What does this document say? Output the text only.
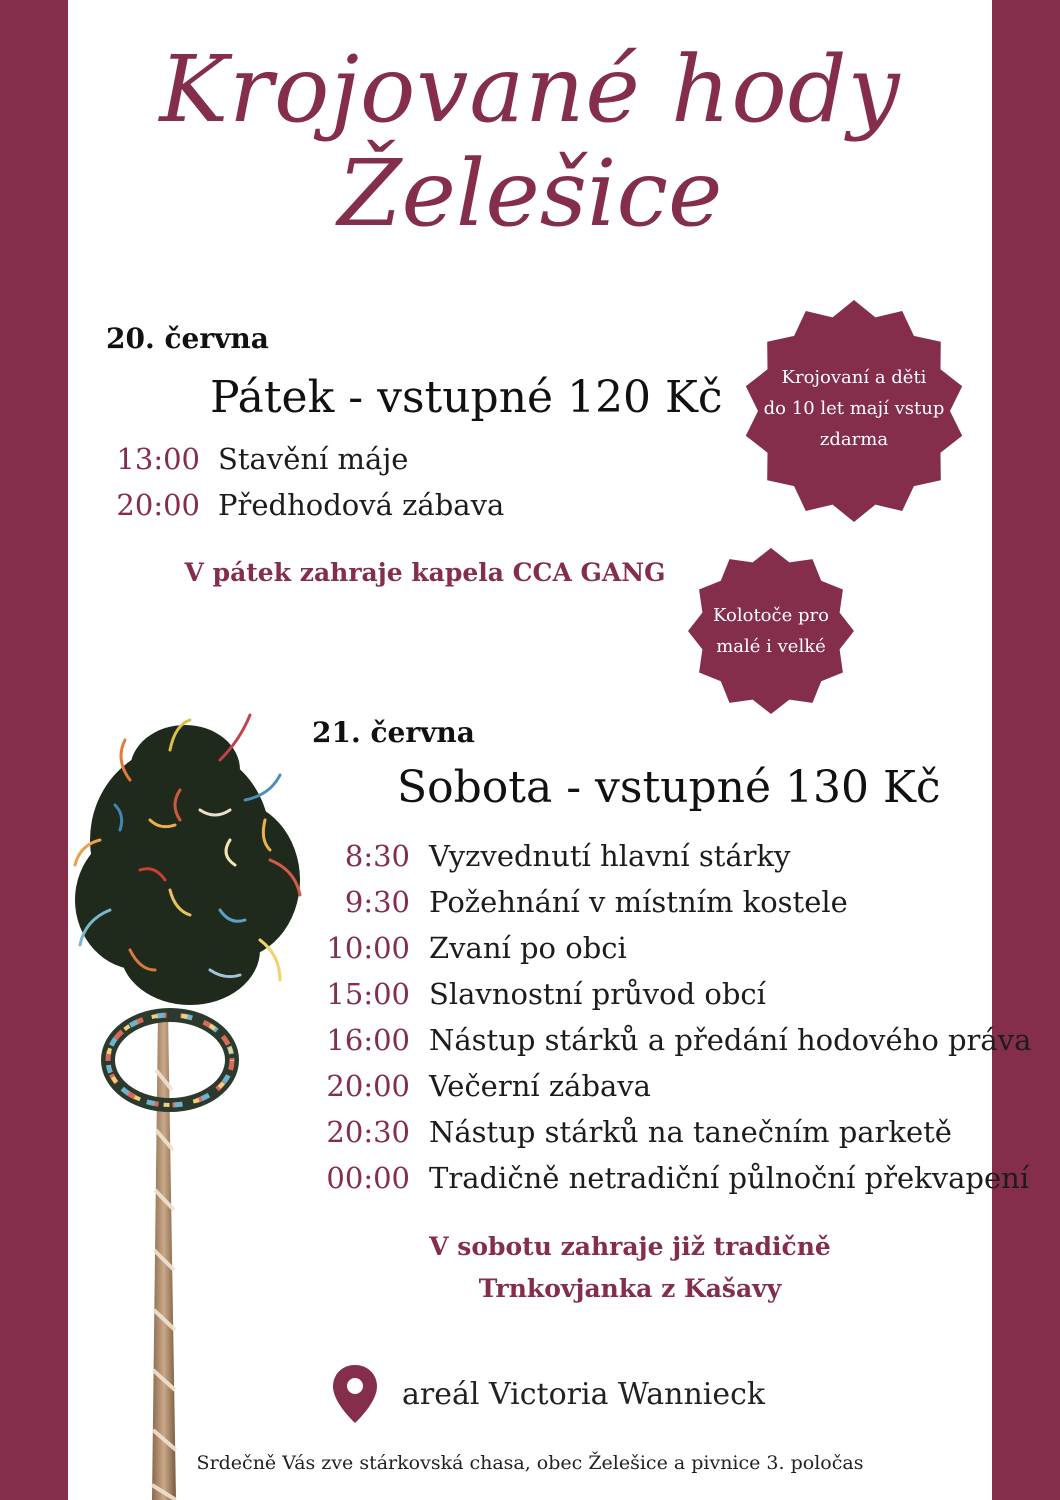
Krojované hody
Želešice
20. června
Pátek - vstupné 120 Kč
13:00 Stavění máje
20:00 Předhodová zábava
V pátek zahraje kapela CCA GANG
Krojovaní a děti
do 10 let mají vstup
zdarma
Kolotoče pro
malé i velké
21. června
Sobota - vstupné 130 Kč
8:30 Vyzvednutí hlavní stárky
9:30 Požehnání v místním kostele
10:00 Zvaní po obci
15:00 Slavnostní průvod obcí
16:00 Nástup stárků a předání hodového práva
20:00 Večerní zábava
20:30 Nástup stárků na tanečním parketě
00:00 Tradičně netradiční půlnoční překvapení
V sobotu zahraje již tradičně
Trnkovjanka z Kašavy
areál Victoria Wannieck
Srdečně Vás zve stárkovská chasa, obec Želešice a pivnice 3. poločas
